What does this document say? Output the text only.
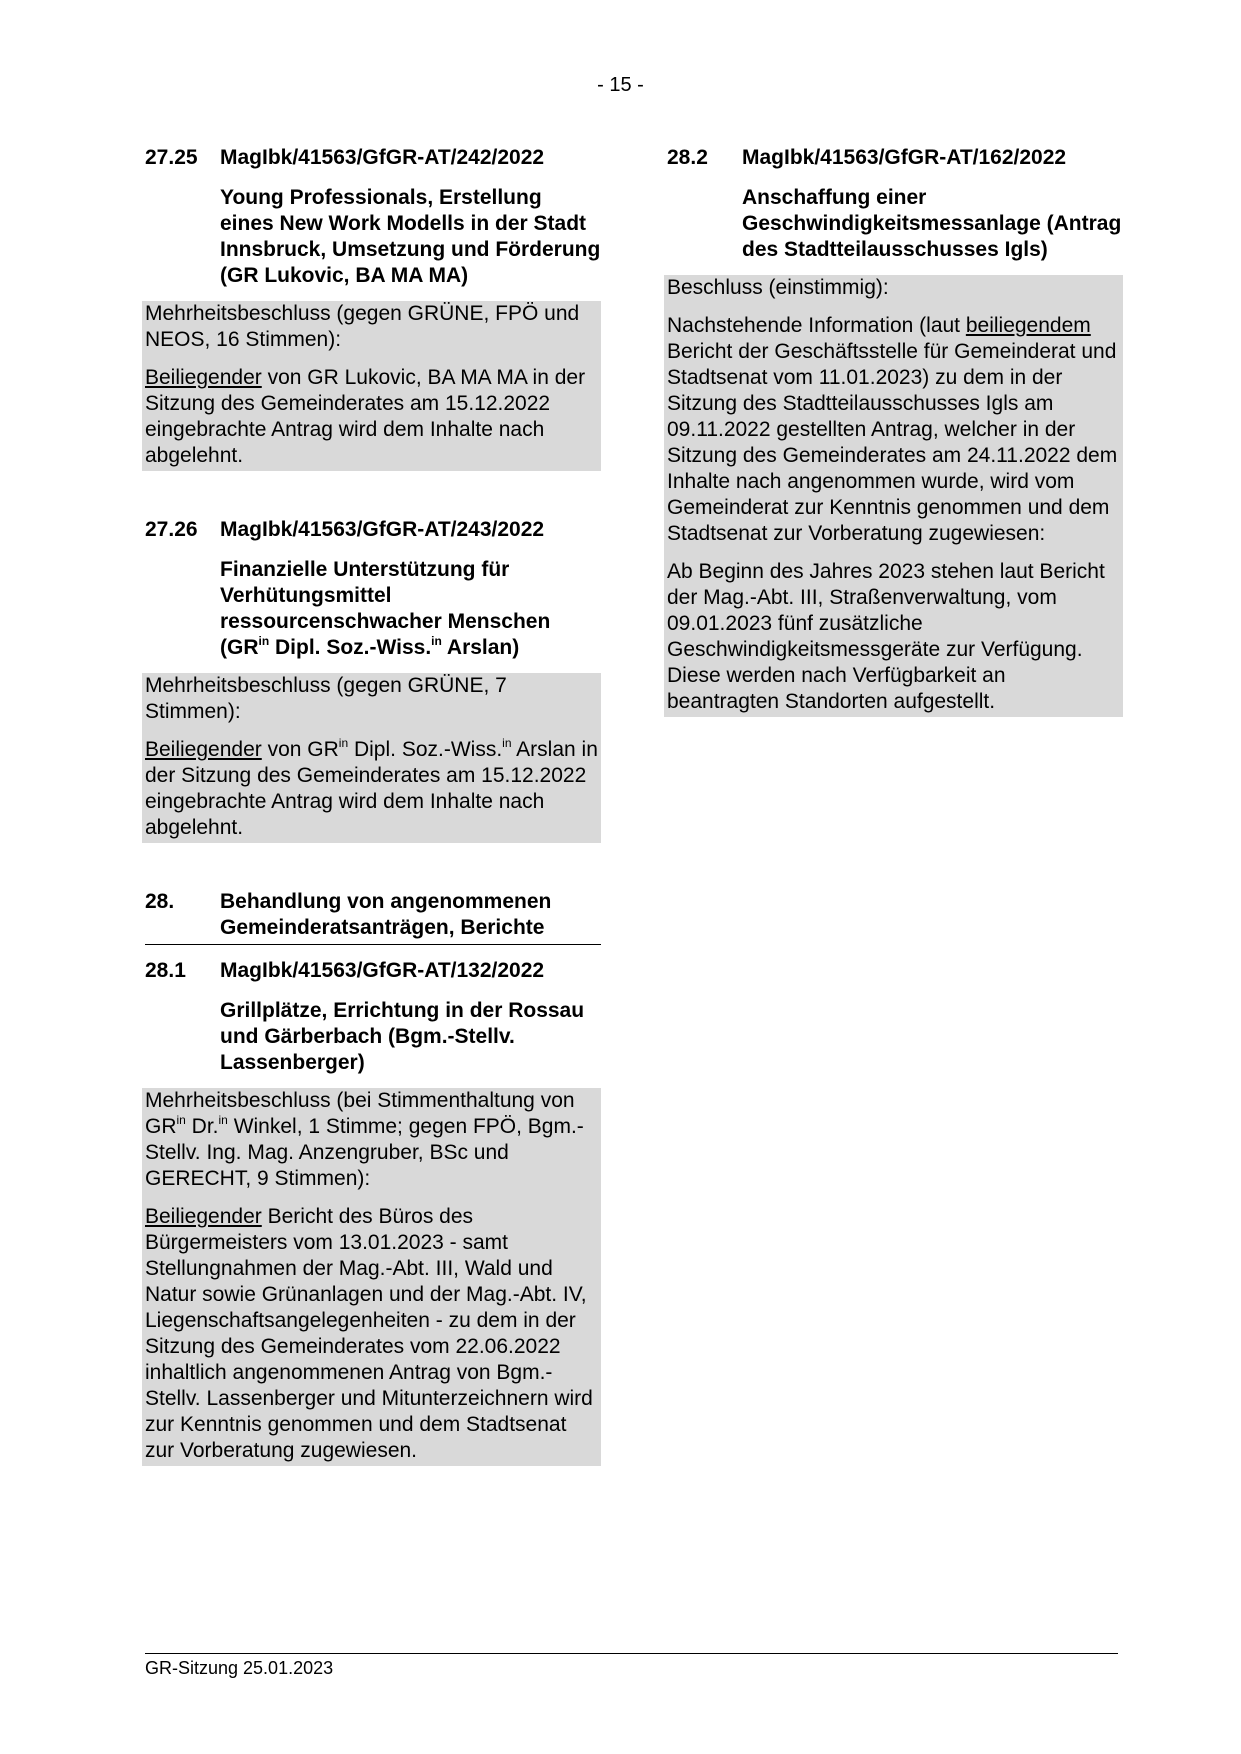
- 15 -
27.25	MagIbk/41563/GfGR-AT/242/2022
Young Professionals, Erstellung eines New Work Modells in der Stadt Innsbruck, Umsetzung und Förderung (GR Lukovic, BA MA MA)

Mehrheitsbeschluss (gegen GRÜNE, FPÖ und NEOS, 16 Stimmen):

Beiliegender von GR Lukovic, BA MA MA in der Sitzung des Gemeinderates am 15.12.2022 eingebrachte Antrag wird dem Inhalte nach abgelehnt.

27.26	MagIbk/41563/GfGR-AT/243/2022
Finanzielle Unterstützung für Verhütungsmittel ressourcenschwacher Menschen ($GR^{in}$ Dipl. Soz.-Wiss.$^{in}$ Arslan)

Mehrheitsbeschluss (gegen GRÜNE, 7 Stimmen):

Beiliegender von $GR^{in}$ Dipl. Soz.-Wiss.$^{in}$ Arslan in der Sitzung des Gemeinderates am 15.12.2022 eingebrachte Antrag wird dem Inhalte nach abgelehnt.

28.	Behandlung von angenommenen Gemeinderatsanträgen, Berichte
28.1	MagIbk/41563/GfGR-AT/132/2022
Grillplätze, Errichtung in der Rossau und Gärberbach (Bgm.-Stellv. Lassenberger)

Mehrheitsbeschluss (bei Stimmenthaltung von $GR^{in}$ Dr.$^{in}$ Winkel, 1 Stimme; gegen FPÖ, Bgm.-Stellv. Ing. Mag. Anzengruber, BSc und GERECHT, 9 Stimmen):

Beiliegender Bericht des Büros des Bürgermeisters vom 13.01.2023 - samt Stellungnahmen der Mag.-Abt. III, Wald und Natur sowie Grünanlagen und der Mag.-Abt. IV, Liegenschaftsangelegenheiten - zu dem in der Sitzung des Gemeinderates vom 22.06.2022 inhaltlich angenommenen Antrag von Bgm.-Stellv. Lassenberger und Mitunterzeichnern wird zur Kenntnis genommen und dem Stadtsenat zur Vorberatung zugewiesen.

28.2	MagIbk/41563/GfGR-AT/162/2022
Anschaffung einer Geschwindigkeitsmessanlage (Antrag des Stadtteilausschusses Igls)

Beschluss (einstimmig):

Nachstehende Information (laut beiliegendem Bericht der Geschäftsstelle für Gemeinderat und Stadtsenat vom 11.01.2023) zu dem in der Sitzung des Stadtteilausschusses Igls am 09.11.2022 gestellten Antrag, welcher in der Sitzung des Gemeinderates am 24.11.2022 dem Inhalte nach angenommen wurde, wird vom Gemeinderat zur Kenntnis genommen und dem Stadtsenat zur Vorberatung zugewiesen:

Ab Beginn des Jahres 2023 stehen laut Bericht der Mag.-Abt. III, Straßenverwaltung, vom 09.01.2023 fünf zusätzliche Geschwindigkeitsmessgeräte zur Verfügung. Diese werden nach Verfügbarkeit an beantragten Standorten aufgestellt.

GR-Sitzung 25.01.2023
